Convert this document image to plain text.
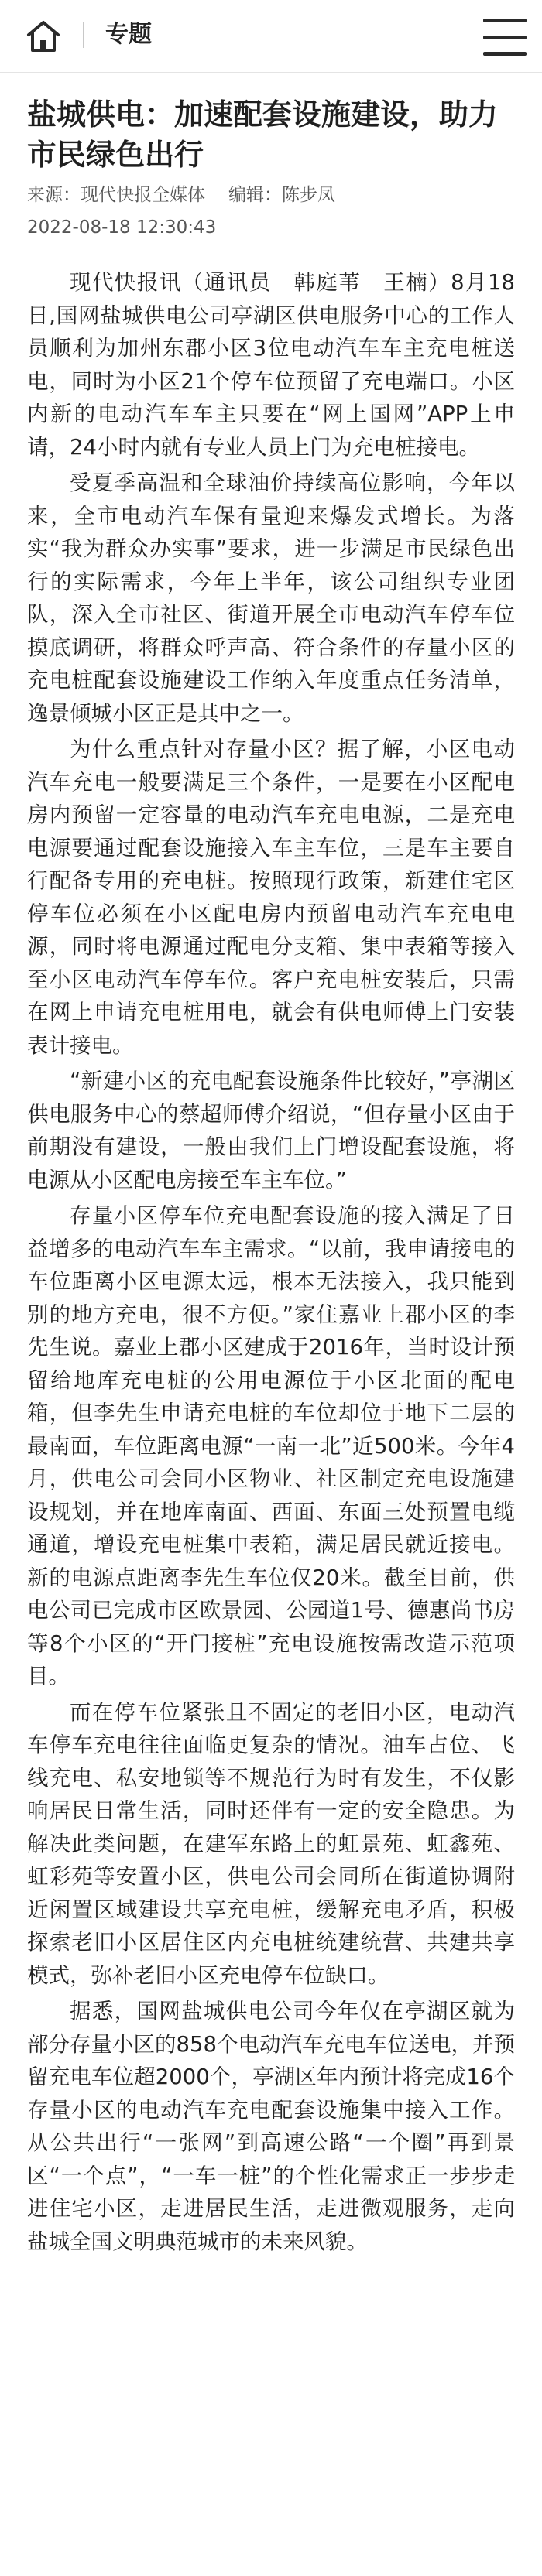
专题
盐城供电：加速配套设施建设，助力市民绿色出行
来源：现代快报全媒体 编辑：陈步凤
2022-08-18 12:30:43

现代快报讯（通讯员　韩庭苇　王楠）8月18日,国网盐城供电公司亭湖区供电服务中心的工作人员顺利为加州东郡小区3位电动汽车车主充电桩送电，同时为小区21个停车位预留了充电端口。小区内新的电动汽车车主只要在“网上国网”APP上申请，24小时内就有专业人员上门为充电桩接电。

受夏季高温和全球油价持续高位影响，今年以来，全市电动汽车保有量迎来爆发式增长。为落实“我为群众办实事”要求，进一步满足市民绿色出行的实际需求，今年上半年，该公司组织专业团队，深入全市社区、街道开展全市电动汽车停车位摸底调研，将群众呼声高、符合条件的存量小区的充电桩配套设施建设工作纳入年度重点任务清单，逸景倾城小区正是其中之一。

为什么重点针对存量小区？据了解，小区电动汽车充电一般要满足三个条件，一是要在小区配电房内预留一定容量的电动汽车充电电源，二是充电电源要通过配套设施接入车主车位，三是车主要自行配备专用的充电桩。按照现行政策，新建住宅区停车位必须在小区配电房内预留电动汽车充电电源，同时将电源通过配电分支箱、集中表箱等接入至小区电动汽车停车位。客户充电桩安装后，只需在网上申请充电桩用电，就会有供电师傅上门安装表计接电。

“新建小区的充电配套设施条件比较好，”亭湖区供电服务中心的蔡超师傅介绍说，“但存量小区由于前期没有建设，一般由我们上门增设配套设施，将电源从小区配电房接至车主车位。”

存量小区停车位充电配套设施的接入满足了日益增多的电动汽车车主需求。“以前，我申请接电的车位距离小区电源太远，根本无法接入，我只能到别的地方充电，很不方便。”家住嘉业上郡小区的李先生说。嘉业上郡小区建成于2016年，当时设计预留给地库充电桩的公用电源位于小区北面的配电箱，但李先生申请充电桩的车位却位于地下二层的最南面，车位距离电源“一南一北”近500米。今年4月，供电公司会同小区物业、社区制定充电设施建设规划，并在地库南面、西面、东面三处预置电缆通道，增设充电桩集中表箱，满足居民就近接电。新的电源点距离李先生车位仅20米。截至目前，供电公司已完成市区欧景园、公园道1号、德惠尚书房等8个小区的“开门接桩”充电设施按需改造示范项目。

而在停车位紧张且不固定的老旧小区，电动汽车停车充电往往面临更复杂的情况。油车占位、飞线充电、私安地锁等不规范行为时有发生，不仅影响居民日常生活，同时还伴有一定的安全隐患。为解决此类问题，在建军东路上的虹景苑、虹鑫苑、虹彩苑等安置小区，供电公司会同所在街道协调附近闲置区域建设共享充电桩，缓解充电矛盾，积极探索老旧小区居住区内充电桩统建统营、共建共享模式，弥补老旧小区充电停车位缺口。

据悉，国网盐城供电公司今年仅在亭湖区就为部分存量小区的858个电动汽车充电车位送电，并预留充电车位超2000个，亭湖区年内预计将完成16个存量小区的电动汽车充电配套设施集中接入工作。从公共出行“一张网”到高速公路“一个圈”再到景区“一个点”，“一车一桩”的个性化需求正一步步走进住宅小区，走进居民生活，走进微观服务，走向盐城全国文明典范城市的未来风貌。
